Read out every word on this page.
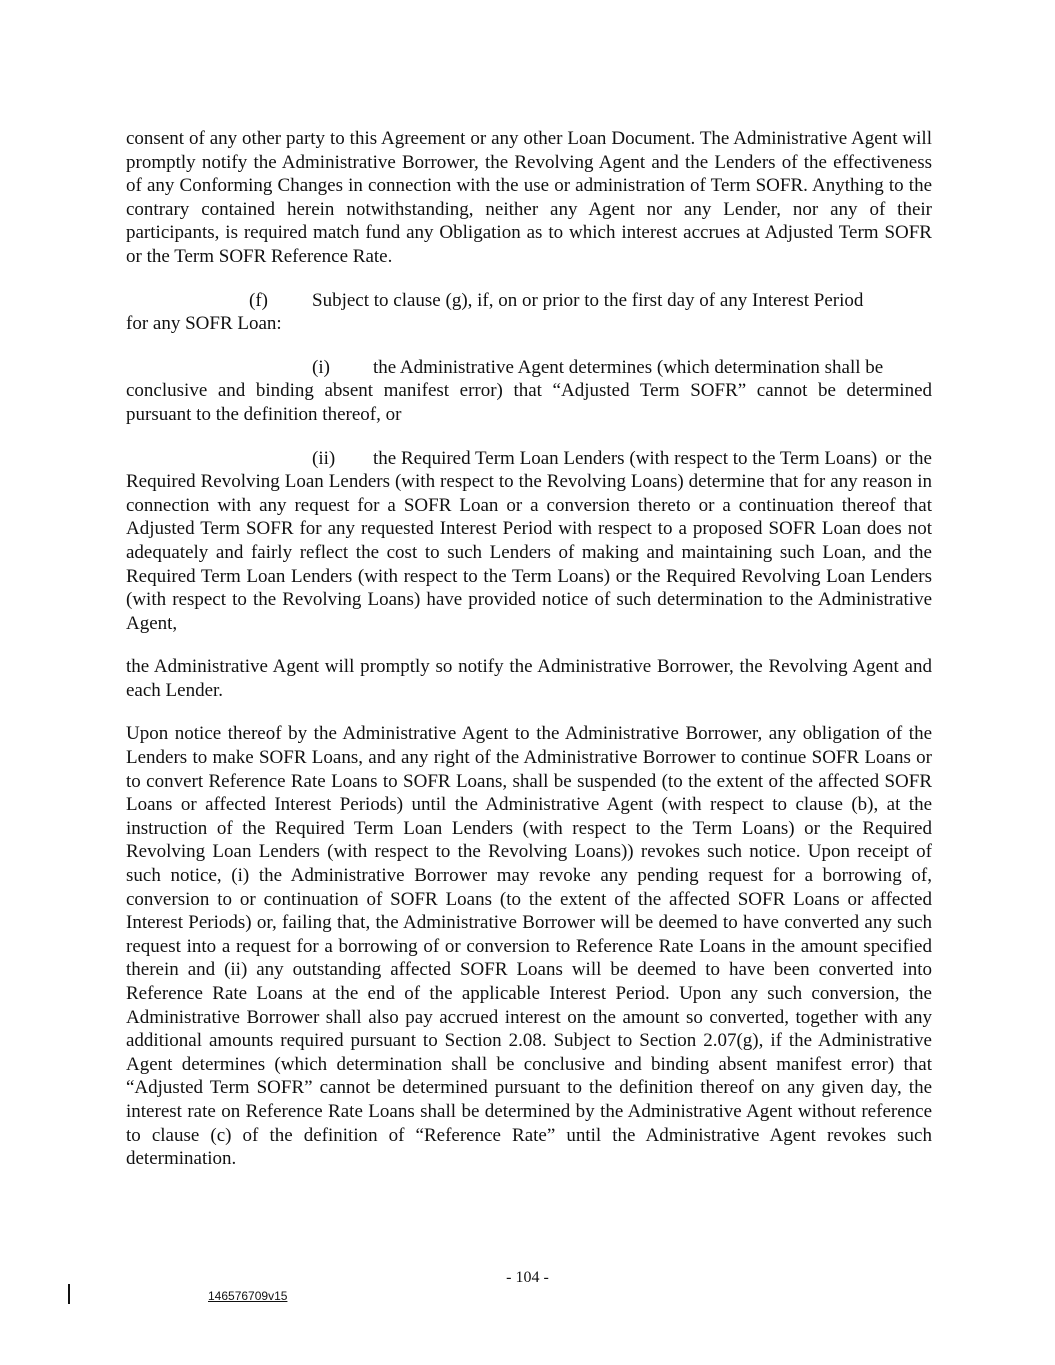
consent of any other party to this Agreement or any other Loan Document. The Administrative Agent will promptly notify the Administrative Borrower, the Revolving Agent and the Lenders of the effectiveness of any Conforming Changes in connection with the use or administration of Term SOFR. Anything to the contrary contained herein notwithstanding, neither any Agent nor any Lender, nor any of their participants, is required match fund any Obligation as to which interest accrues at Adjusted Term SOFR or the Term SOFR Reference Rate.

(f) Subject to clause (g), if, on or prior to the first day of any Interest Period
for any SOFR Loan:

(i) the Administrative Agent determines (which determination shall be conclusive and binding absent manifest error) that “Adjusted Term SOFR” cannot be determined pursuant to the definition thereof, or

(ii) the Required Term Loan Lenders (with respect to the Term Loans) or the Required Revolving Loan Lenders (with respect to the Revolving Loans) determine that for any reason in connection with any request for a SOFR Loan or a conversion thereto or a continuation thereof that Adjusted Term SOFR for any requested Interest Period with respect to a proposed SOFR Loan does not adequately and fairly reflect the cost to such Lenders of making and maintaining such Loan, and the Required Term Loan Lenders (with respect to the Term Loans) or the Required Revolving Loan Lenders (with respect to the Revolving Loans) have provided notice of such determination to the Administrative Agent,

the Administrative Agent will promptly so notify the Administrative Borrower, the Revolving Agent and each Lender.

Upon notice thereof by the Administrative Agent to the Administrative Borrower, any obligation of the Lenders to make SOFR Loans, and any right of the Administrative Borrower to continue SOFR Loans or to convert Reference Rate Loans to SOFR Loans, shall be suspended (to the extent of the affected SOFR Loans or affected Interest Periods) until the Administrative Agent (with respect to clause (b), at the instruction of the Required Term Loan Lenders (with respect to the Term Loans) or the Required Revolving Loan Lenders (with respect to the Revolving Loans)) revokes such notice. Upon receipt of such notice, (i) the Administrative Borrower may revoke any pending request for a borrowing of, conversion to or continuation of SOFR Loans (to the extent of the affected SOFR Loans or affected Interest Periods) or, failing that, the Administrative Borrower will be deemed to have converted any such request into a request for a borrowing of or conversion to Reference Rate Loans in the amount specified therein and (ii) any outstanding affected SOFR Loans will be deemed to have been converted into Reference Rate Loans at the end of the applicable Interest Period. Upon any such conversion, the Administrative Borrower shall also pay accrued interest on the amount so converted, together with any additional amounts required pursuant to Section 2.08. Subject to Section 2.07(g), if the Administrative Agent determines (which determination shall be conclusive and binding absent manifest error) that “Adjusted Term SOFR” cannot be determined pursuant to the definition thereof on any given day, the interest rate on Reference Rate Loans shall be determined by the Administrative Agent without reference to clause (c) of the definition of “Reference Rate” until the Administrative Agent revokes such determination.

- 104 -
146576709v15
